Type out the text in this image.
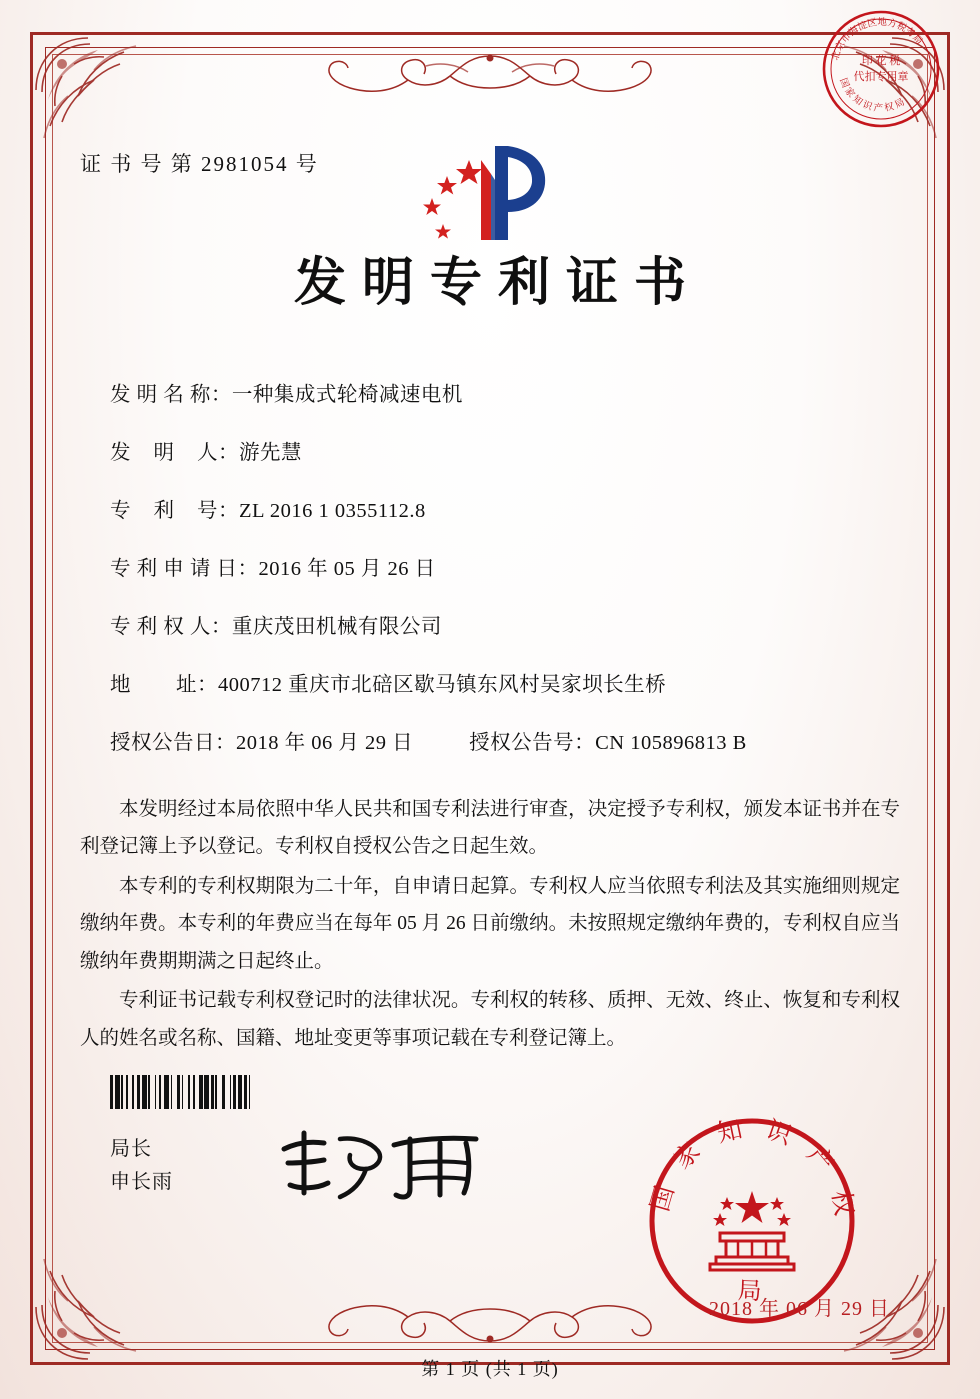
证 书 号 第 2981054 号
发明专利证书
发 明 名 称： 一种集成式轮椅减速电机
发    明    人： 游先慧
专    利    号： ZL 2016 1 0355112.8
专 利 申 请 日： 2016 年 05 月 26 日
专 利 权 人： 重庆茂田机械有限公司
地        址： 400712 重庆市北碚区歇马镇东风村吴家坝长生桥
授权公告日： 2018 年 06 月 29 日	授权公告号： CN 105896813 B

本发明经过本局依照中华人民共和国专利法进行审查，决定授予专利权，颁发本证书并在专利登记簿上予以登记。专利权自授权公告之日起生效。

本专利的专利权期限为二十年，自申请日起算。专利权人应当依照专利法及其实施细则规定缴纳年费。本专利的年费应当在每年 05 月 26 日前缴纳。未按照规定缴纳年费的，专利权自应当缴纳年费期期满之日起终止。

专利证书记载专利权登记时的法律状况。专利权的转移、质押、无效、终止、恢复和专利权人的姓名或名称、国籍、地址变更等事项记载在专利登记簿上。

局长
申长雨
北京市海淀区地方税务局
国 家 知 识 产 权 局
印 花 税
代扣专用章
国 家 知 识 产 权
局
2018 年 06 月 29 日
第 1 页 (共 1 页)
